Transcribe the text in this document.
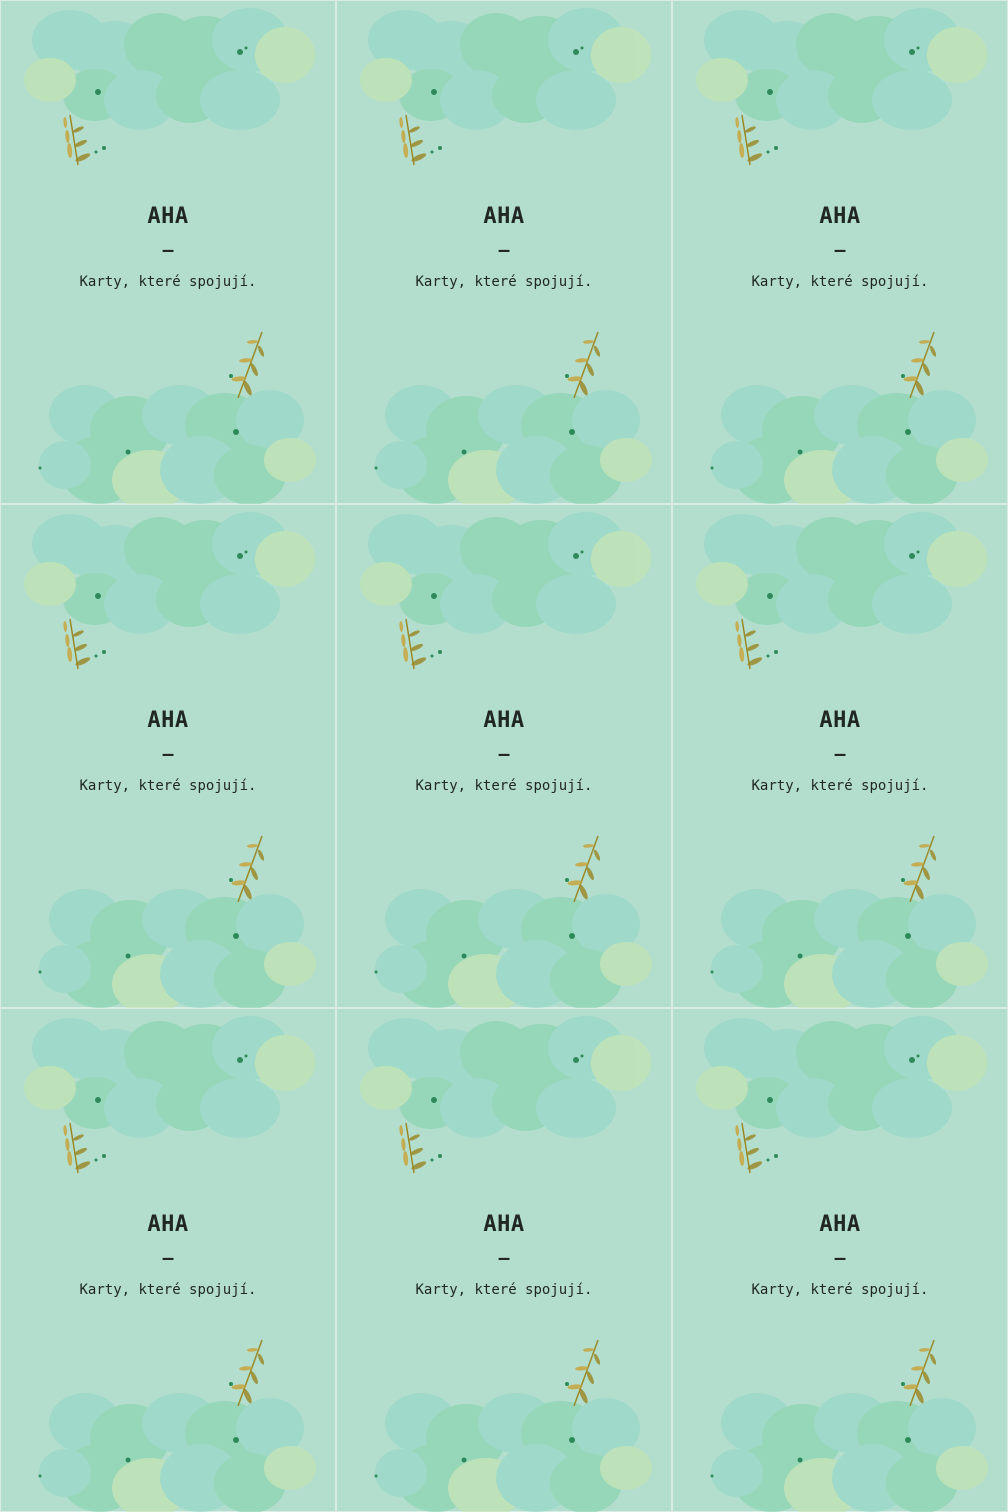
AHA
–
Karty, které spojují.
AHA
–
Karty, které spojují.
AHA
–
Karty, které spojují.
AHA
–
Karty, které spojují.
AHA
–
Karty, které spojují.
AHA
–
Karty, které spojují.
AHA
–
Karty, které spojují.
AHA
–
Karty, které spojují.
AHA
–
Karty, které spojují.
